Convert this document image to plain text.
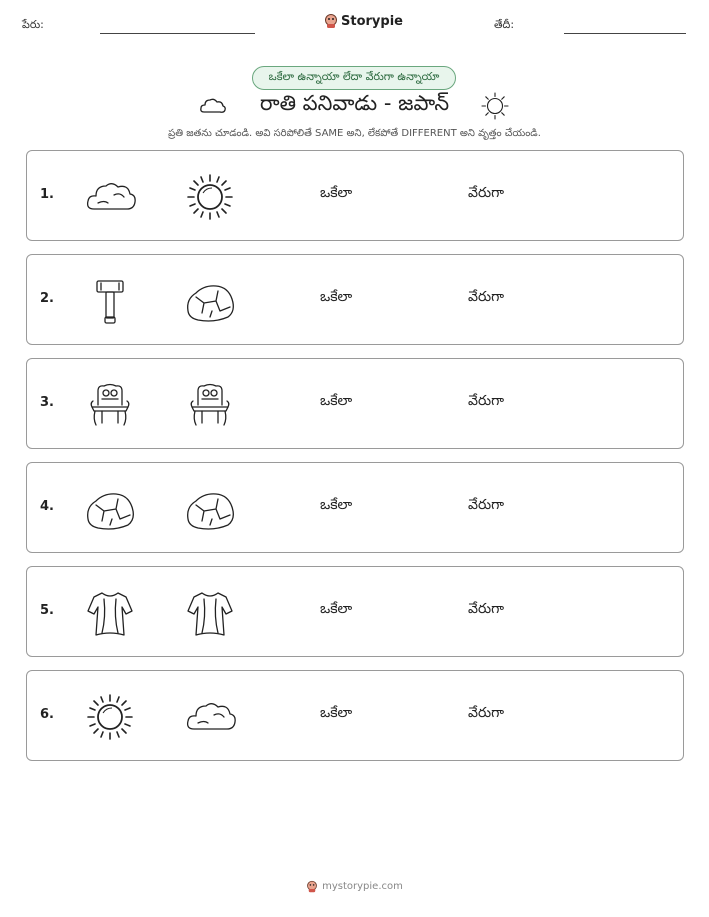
పేరు:	Storypie	తేదీ:
ఒకేలా ఉన్నాయా లేదా వేరుగా ఉన్నాయా
రాతి పనివాడు - జపాన్
ప్రతి జతను చూడండి. అవి సరిపోలితే SAME అని, లేకపోతే DIFFERENT అని వృత్తం చేయండి.
1.	ఒకేలా	వేరుగా
2.	ఒకేలా	వేరుగా
3.	ఒకేలా	వేరుగా
4.	ఒకేలా	వేరుగా
5.	ఒకేలా	వేరుగా
6.	ఒకేలా	వేరుగా
mystorypie.com
